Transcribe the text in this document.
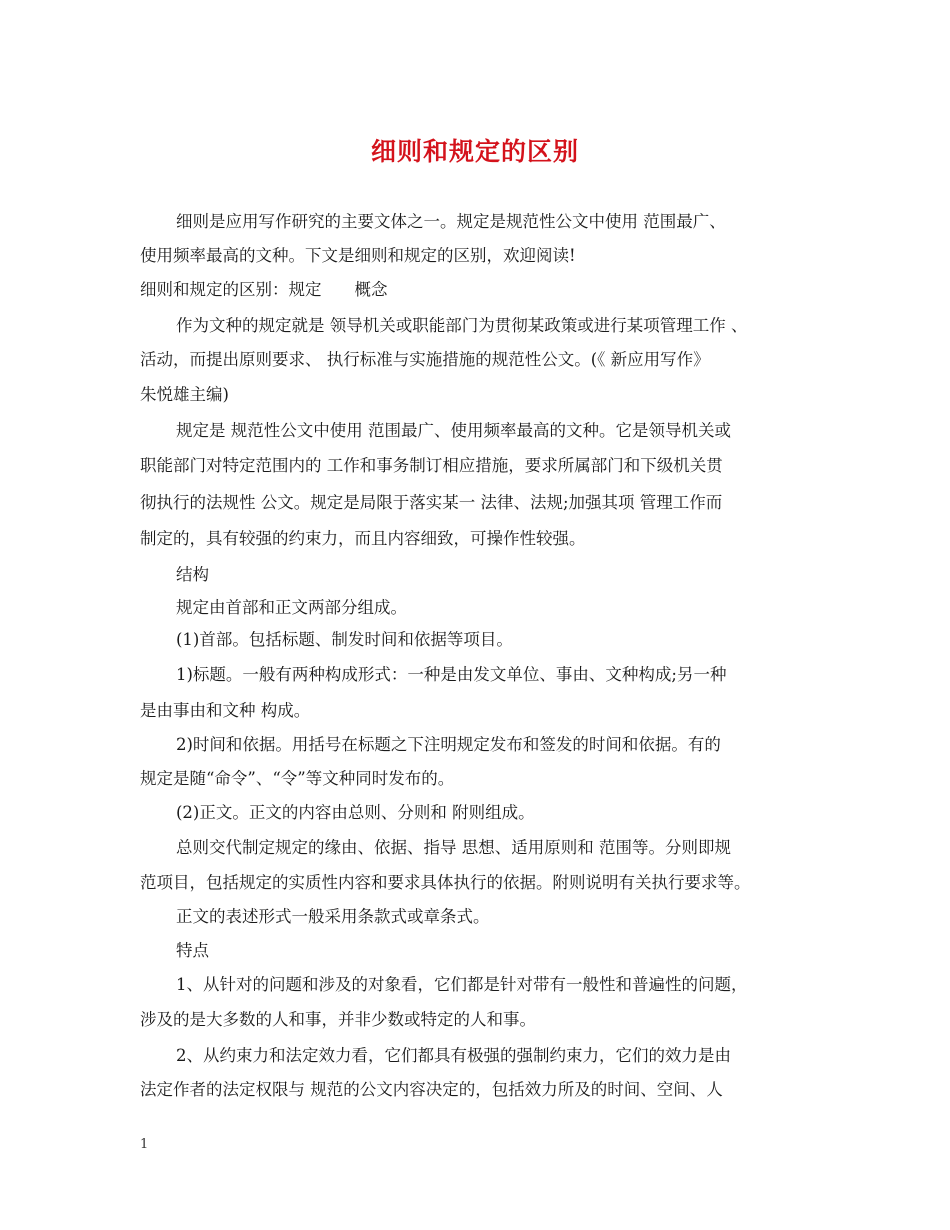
细则和规定的区别
细则是应用写作研究的主要文体之一。规定是规范性公文中使用 范围最广、
使用频率最高的文种。下文是细则和规定的区别，欢迎阅读!
细则和规定的区别：规定　　概念
作为文种的规定就是 领导机关或职能部门为贯彻某政策或进行某项管理工作 、
活动，而提出原则要求、 执行标准与实施措施的规范性公文。(《 新应用写作》
朱悦雄主编)
规定是 规范性公文中使用 范围最广、使用频率最高的文种。它是领导机关或
职能部门对特定范围内的 工作和事务制订相应措施，要求所属部门和下级机关贯
彻执行的法规性 公文。规定是局限于落实某一 法律、法规;加强其项 管理工作而
制定的，具有较强的约束力，而且内容细致，可操作性较强。
结构
规定由首部和正文两部分组成。
(1)首部。包括标题、制发时间和依据等项目。
1)标题。一般有两种构成形式：一种是由发文单位、事由、文种构成;另一种
是由事由和文种 构成。
2)时间和依据。用括号在标题之下注明规定发布和签发的时间和依据。有的
规定是随“命令”、“令”等文种同时发布的。
(2)正文。正文的内容由总则、分则和 附则组成。
总则交代制定规定的缘由、依据、指导 思想、适用原则和 范围等。分则即规
范项目，包括规定的实质性内容和要求具体执行的依据。附则说明有关执行要求等。
正文的表述形式一般采用条款式或章条式。
特点
1、从针对的问题和涉及的对象看，它们都是针对带有一般性和普遍性的问题，
涉及的是大多数的人和事，并非少数或特定的人和事。
2、从约束力和法定效力看，它们都具有极强的强制约束力，它们的效力是由
法定作者的法定权限与 规范的公文内容决定的，包括效力所及的时间、空间、人
1
